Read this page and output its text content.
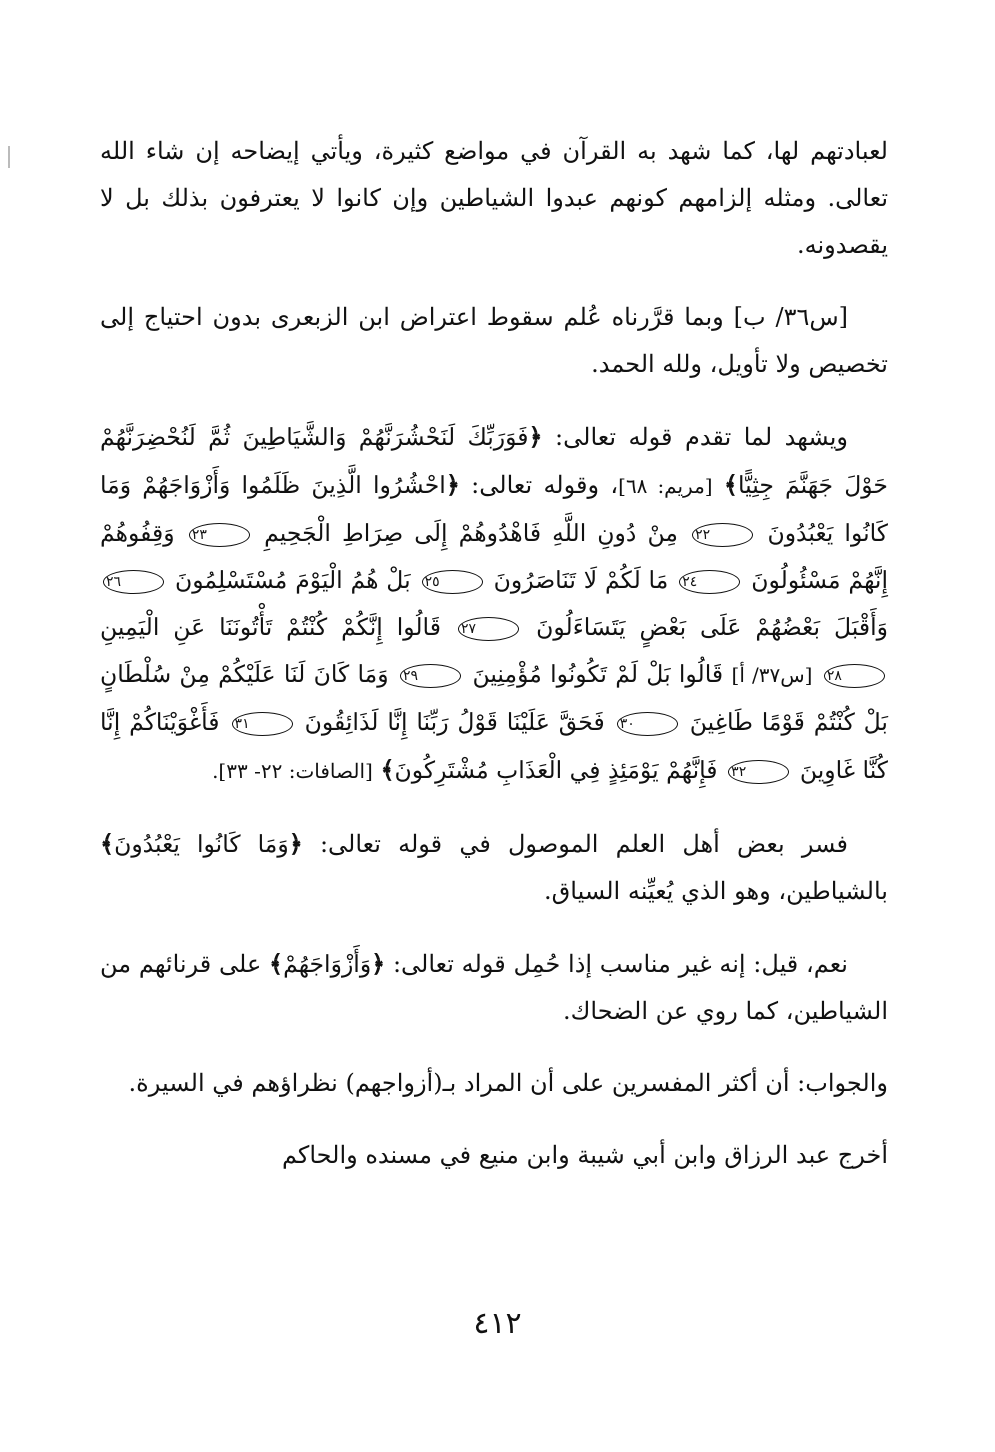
لعبادتهم لها، كما شهد به القرآن في مواضع كثيرة، ويأتي إيضاحه إن شاء الله تعالى. ومثله إلزامهم كونهم عبدوا الشياطين وإن كانوا لا يعترفون بذلك بل لا يقصدونه.

[س٣٦/ ب] وبما قرَّرناه عُلم سقوط اعتراض ابن الزبعرى بدون احتياج إلى تخصيص ولا تأويل، ولله الحمد.

ويشهد لما تقدم قوله تعالى: ﴿فَوَرَبِّكَ لَنَحْشُرَنَّهُمْ وَالشَّيَاطِينَ ثُمَّ لَنُحْضِرَنَّهُمْ حَوْلَ جَهَنَّمَ جِثِيًّا﴾ [مريم: ٦٨]، وقوله تعالى: ﴿احْشُرُوا الَّذِينَ ظَلَمُوا وَأَزْوَاجَهُمْ وَمَا كَانُوا يَعْبُدُونَ ٢٢ مِنْ دُونِ اللَّهِ فَاهْدُوهُمْ إِلَى صِرَاطِ الْجَحِيمِ ٢٣ وَقِفُوهُمْ إِنَّهُمْ مَسْئُولُونَ ٢٤ مَا لَكُمْ لَا تَنَاصَرُونَ ٢٥ بَلْ هُمُ الْيَوْمَ مُسْتَسْلِمُونَ ٢٦ وَأَقْبَلَ بَعْضُهُمْ عَلَى بَعْضٍ يَتَسَاءَلُونَ ٢٧ قَالُوا إِنَّكُمْ كُنْتُمْ تَأْتُونَنَا عَنِ الْيَمِينِ ٢٨ [س٣٧/ أ] قَالُوا بَلْ لَمْ تَكُونُوا مُؤْمِنِينَ ٢٩ وَمَا كَانَ لَنَا عَلَيْكُمْ مِنْ سُلْطَانٍ بَلْ كُنْتُمْ قَوْمًا طَاغِينَ ٣٠ فَحَقَّ عَلَيْنَا قَوْلُ رَبِّنَا إِنَّا لَذَائِقُونَ ٣١ فَأَغْوَيْنَاكُمْ إِنَّا كُنَّا غَاوِينَ ٣٢ فَإِنَّهُمْ يَوْمَئِذٍ فِي الْعَذَابِ مُشْتَرِكُونَ﴾ [الصافات: ٢٢- ٣٣].

فسر بعض أهل العلم الموصول في قوله تعالى: ﴿وَمَا كَانُوا يَعْبُدُونَ﴾ بالشياطين، وهو الذي يُعيِّنه السياق.

نعم، قيل: إنه غير مناسب إذا حُمِل قوله تعالى: ﴿وَأَزْوَاجَهُمْ﴾ على قرنائهم من الشياطين، كما روي عن الضحاك.

والجواب: أن أكثر المفسرين على أن المراد بـ(أزواجهم) نظراؤهم في السيرة.

أخرج عبد الرزاق وابن أبي شيبة وابن منيع في مسنده والحاكم

٤١٢
